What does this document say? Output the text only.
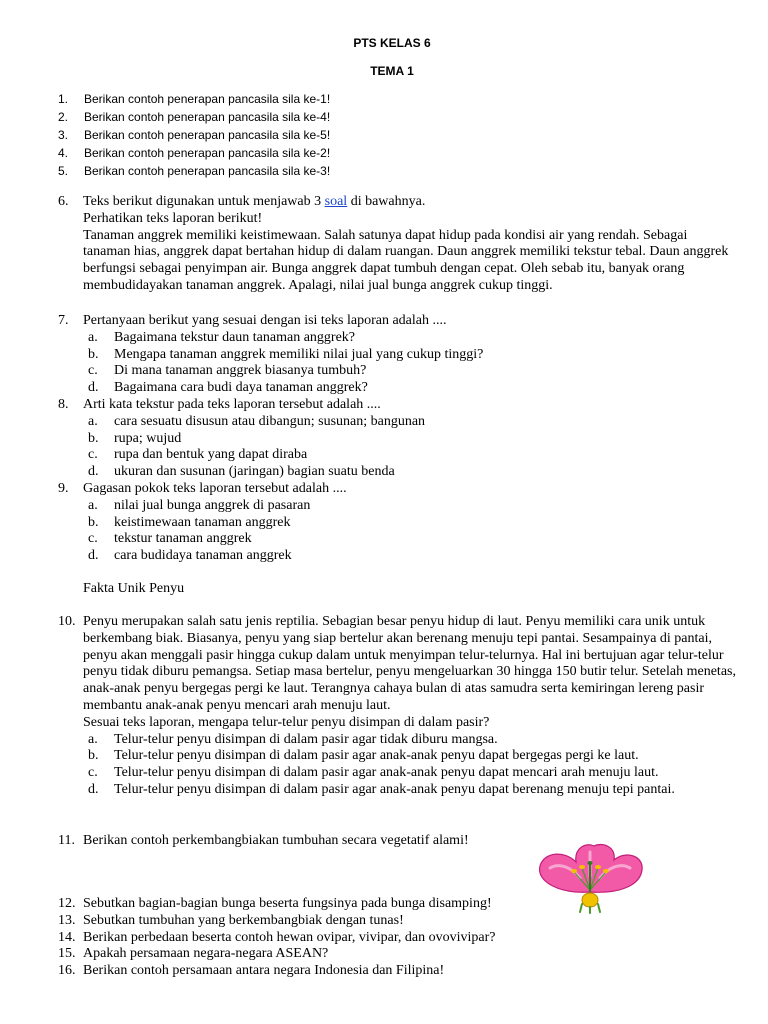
PTS KELAS 6
TEMA 1
1.	Berikan contoh penerapan pancasila sila ke-1!
2.	Berikan contoh penerapan pancasila sila ke-4!
3.	Berikan contoh penerapan pancasila sila ke-5!
4.	Berikan contoh penerapan pancasila sila ke-2!
5.	Berikan contoh penerapan pancasila sila ke-3!
6. Teks berikut digunakan untuk menjawab 3 soal di bawahnya.

Perhatikan teks laporan berikut!

Tanaman anggrek memiliki keistimewaan. Salah satunya dapat hidup pada kondisi air yang rendah. Sebagai tanaman hias, anggrek dapat bertahan hidup di dalam ruangan. Daun anggrek memiliki tekstur tebal. Daun anggrek berfungsi sebagai penyimpan air. Bunga anggrek dapat tumbuh dengan cepat. Oleh sebab itu, banyak orang membudidayakan tanaman anggrek. Apalagi, nilai jual bunga anggrek cukup tinggi.

7. Pertanyaan berikut yang sesuai dengan isi teks laporan adalah ....

a. Bagaimana tekstur daun tanaman anggrek?
b. Mengapa tanaman anggrek memiliki nilai jual yang cukup tinggi?
c. Di mana tanaman anggrek biasanya tumbuh?
d. Bagaimana cara budi daya tanaman anggrek?
8. Arti kata tekstur pada teks laporan tersebut adalah ....

a. cara sesuatu disusun atau dibangun; susunan; bangunan
b. rupa; wujud
c. rupa dan bentuk yang dapat diraba
d. ukuran dan susunan (jaringan) bagian suatu benda
9. Gagasan pokok teks laporan tersebut adalah ....

a. nilai jual bunga anggrek di pasaran
b. keistimewaan tanaman anggrek
c. tekstur tanaman anggrek
d. cara budidaya tanaman anggrek
Fakta Unik Penyu
10. Penyu merupakan salah satu jenis reptilia. Sebagian besar penyu hidup di laut. Penyu memiliki cara unik untuk berkembang biak. Biasanya, penyu yang siap bertelur akan berenang menuju tepi pantai. Sesampainya di pantai, penyu akan menggali pasir hingga cukup dalam untuk menyimpan telur-telurnya. Hal ini bertujuan agar telur-telur penyu tidak diburu pemangsa. Setiap masa bertelur, penyu mengeluarkan 30 hingga 150 butir telur. Setelah menetas, anak-anak penyu bergegas pergi ke laut. Terangnya cahaya bulan di atas samudra serta kemiringan lereng pasir membantu anak-anak penyu mencari arah menuju laut.

Sesuai teks laporan, mengapa telur-telur penyu disimpan di dalam pasir?

a. Telur-telur penyu disimpan di dalam pasir agar tidak diburu mangsa.
b. Telur-telur penyu disimpan di dalam pasir agar anak-anak penyu dapat bergegas pergi ke laut.
c. Telur-telur penyu disimpan di dalam pasir agar anak-anak penyu dapat mencari arah menuju laut.
d. Telur-telur penyu disimpan di dalam pasir agar anak-anak penyu dapat berenang menuju tepi pantai.
11. Berikan contoh perkembangbiakan tumbuhan secara vegetatif alami!

12. Sebutkan bagian-bagian bunga beserta fungsinya pada bunga disamping!
13. Sebutkan tumbuhan yang berkembangbiak dengan tunas!
14. Berikan perbedaan beserta contoh hewan ovipar, vivipar, dan ovovivipar?
15. Apakah persamaan negara-negara ASEAN?
16. Berikan contoh persamaan antara negara Indonesia dan Filipina!
